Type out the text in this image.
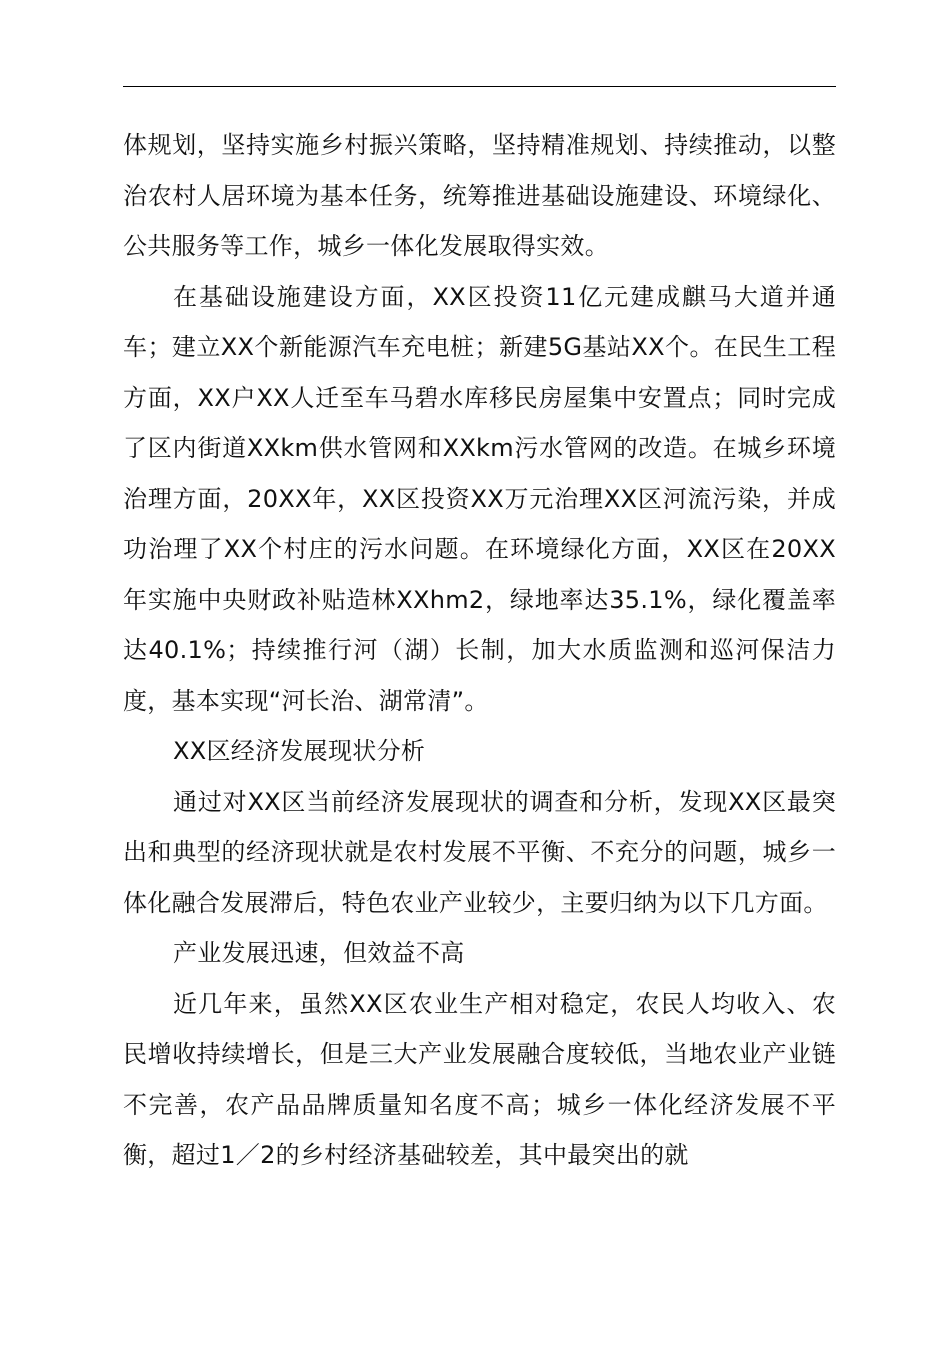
体规划，坚持实施乡村振兴策略，坚持精准规划、持续推动，以整治农村人居环境为基本任务，统筹推进基础设施建设、环境绿化、公共服务等工作，城乡一体化发展取得实效。

在基础设施建设方面，XX区投资11亿元建成麒马大道并通车；建立XX个新能源汽车充电桩；新建5G基站XX个。在民生工程方面，XX户XX人迁至车马碧水库移民房屋集中安置点；同时完成了区内街道XXkm供水管网和XXkm污水管网的改造。在城乡环境治理方面，20XX年，XX区投资XX万元治理XX区河流污染，并成功治理了XX个村庄的污水问题。在环境绿化方面，XX区在20XX年实施中央财政补贴造林XXhm2，绿地率达35.1%，绿化覆盖率达40.1%；持续推行河（湖）长制，加大水质监测和巡河保洁力度，基本实现“河长治、湖常清”。

XX区经济发展现状分析

通过对XX区当前经济发展现状的调查和分析，发现XX区最突出和典型的经济现状就是农村发展不平衡、不充分的问题，城乡一体化融合发展滞后，特色农业产业较少，主要归纳为以下几方面。

产业发展迅速，但效益不高

近几年来，虽然XX区农业生产相对稳定，农民人均收入、农民增收持续增长，但是三大产业发展融合度较低，当地农业产业链不完善，农产品品牌质量知名度不高；城乡一体化经济发展不平衡，超过1／2的乡村经济基础较差，其中最突出的就
